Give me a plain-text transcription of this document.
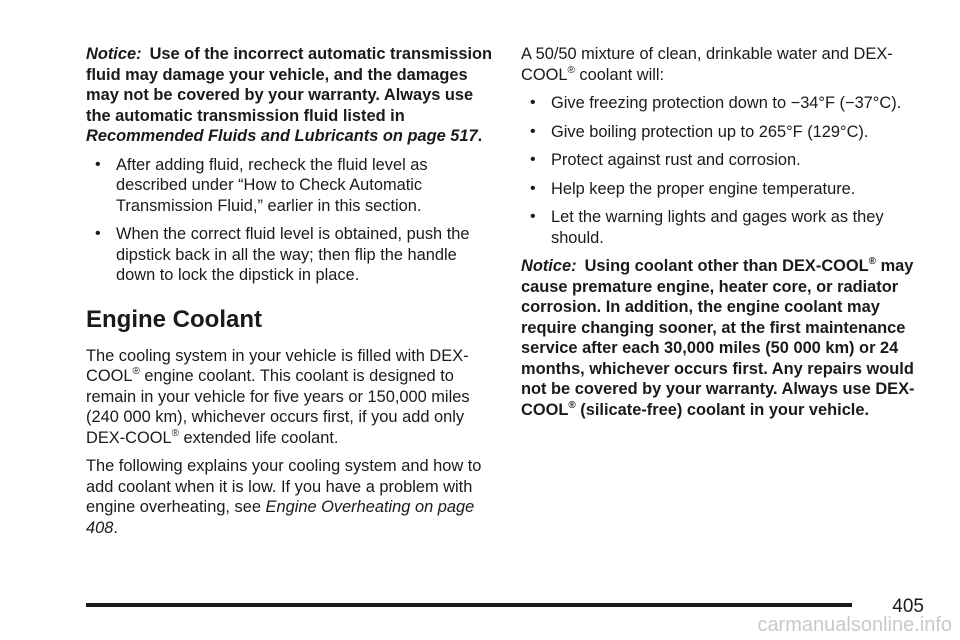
Notice: Use of the incorrect automatic transmission fluid may damage your vehicle, and the damages may not be covered by your warranty. Always use the automatic transmission fluid listed in Recommended Fluids and Lubricants on page 517.

• After adding fluid, recheck the fluid level as described under “How to Check Automatic Transmission Fluid,” earlier in this section.
• When the correct fluid level is obtained, push the dipstick back in all the way; then flip the handle down to lock the dipstick in place.
Engine Coolant

The cooling system in your vehicle is filled with DEX-COOL® engine coolant. This coolant is designed to remain in your vehicle for five years or 150,000 miles (240 000 km), whichever occurs first, if you add only DEX-COOL® extended life coolant.

The following explains your cooling system and how to add coolant when it is low. If you have a problem with engine overheating, see Engine Overheating on page 408.

A 50/50 mixture of clean, drinkable water and DEX-COOL® coolant will:

• Give freezing protection down to −34°F (−37°C).
• Give boiling protection up to 265°F (129°C).
• Protect against rust and corrosion.
• Help keep the proper engine temperature.
• Let the warning lights and gages work as they should.

Notice: Using coolant other than DEX-COOL® may cause premature engine, heater core, or radiator corrosion. In addition, the engine coolant may require changing sooner, at the first maintenance service after each 30,000 miles (50 000 km) or 24 months, whichever occurs first. Any repairs would not be covered by your warranty. Always use DEX-COOL® (silicate-free) coolant in your vehicle.

405
carmanualsonline.info
